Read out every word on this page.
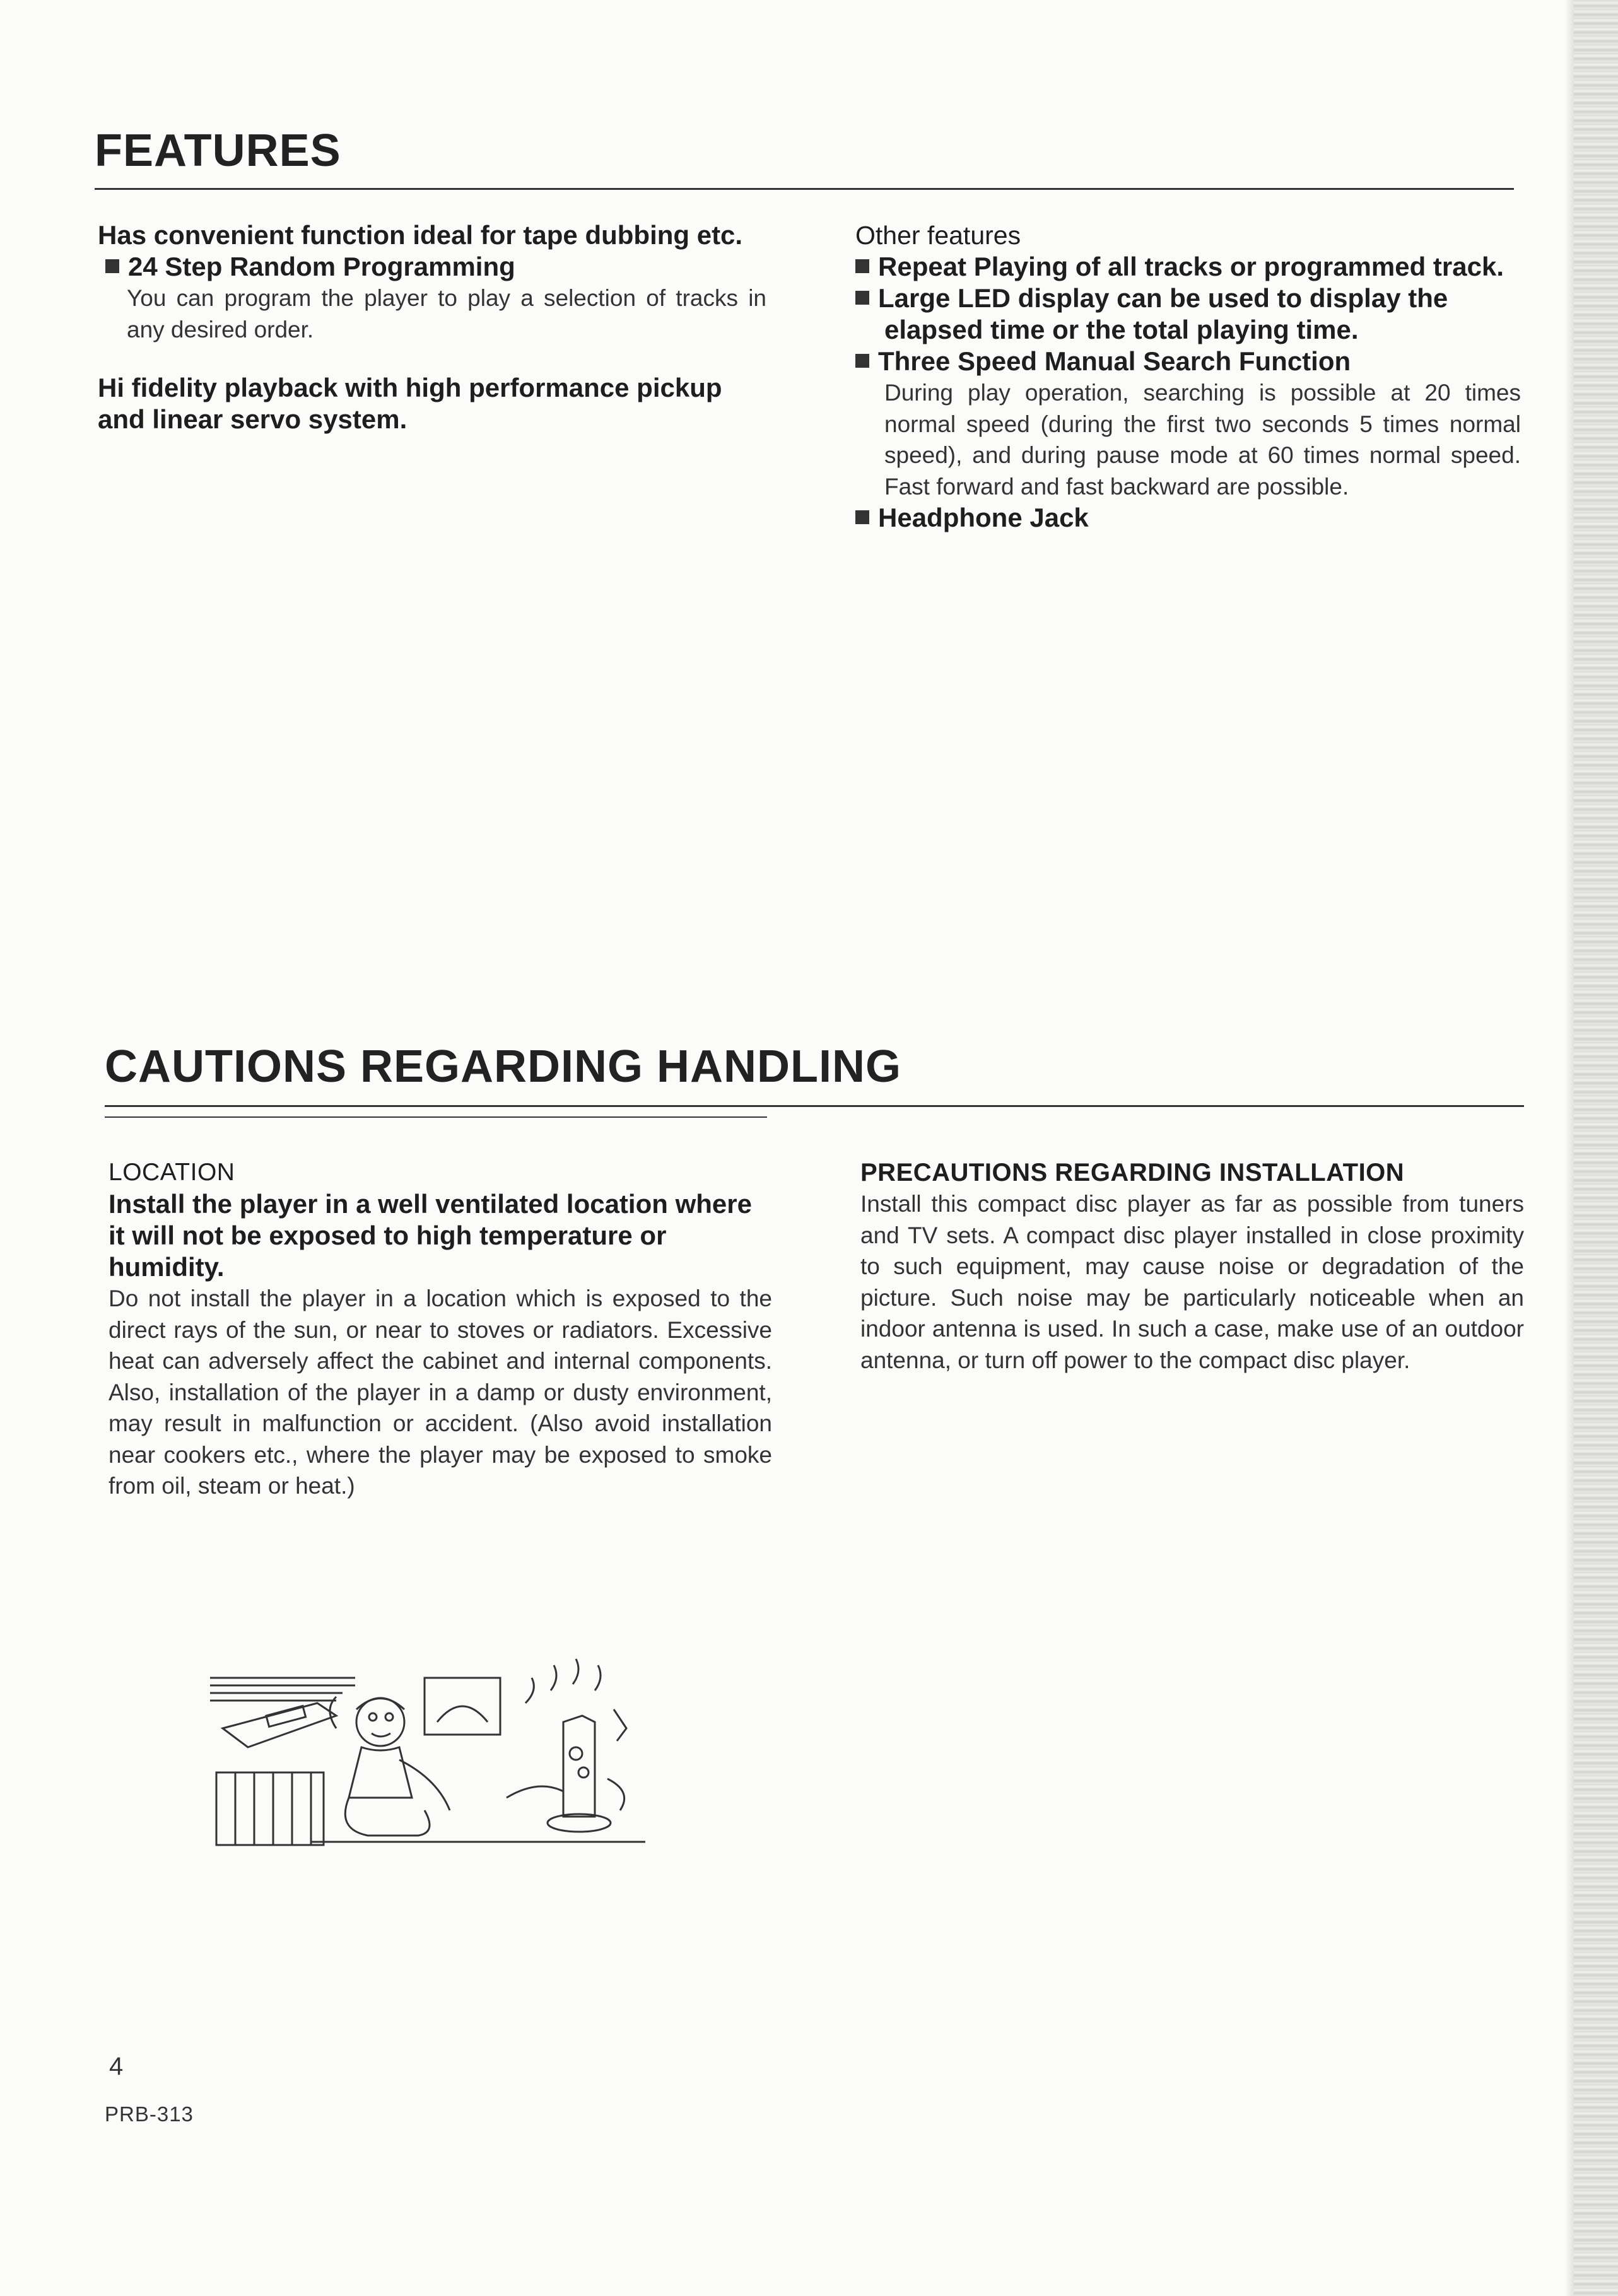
FEATURES

Has convenient function ideal for tape dubbing etc.

24 Step Random Programming

You can program the player to play a selection of tracks in any desired order.

Hi fidelity playback with high performance pickup and linear servo system.

Other features

Repeat Playing of all tracks or programmed track.

Large LED display can be used to display the elapsed time or the total playing time.

Three Speed Manual Search Function

During play operation, searching is possible at 20 times normal speed (during the first two seconds 5 times normal speed), and during pause mode at 60 times normal speed. Fast forward and fast backward are possible.

Headphone Jack

CAUTIONS REGARDING HANDLING

LOCATION

Install the player in a well ventilated location where it will not be exposed to high temperature or humidity.

Do not install the player in a location which is exposed to the direct rays of the sun, or near to stoves or radiators. Excessive heat can adversely affect the cabinet and internal components. Also, installation of the player in a damp or dusty environment, may result in malfunction or accident. (Also avoid installation near cookers etc., where the player may be exposed to smoke from oil, steam or heat.)

PRECAUTIONS REGARDING INSTALLATION

Install this compact disc player as far as possible from tuners and TV sets. A compact disc player installed in close proximity to such equipment, may cause noise or degradation of the picture. Such noise may be particularly noticeable when an indoor antenna is used. In such a case, make use of an outdoor antenna, or turn off power to the compact disc player.

4
PRB-313
